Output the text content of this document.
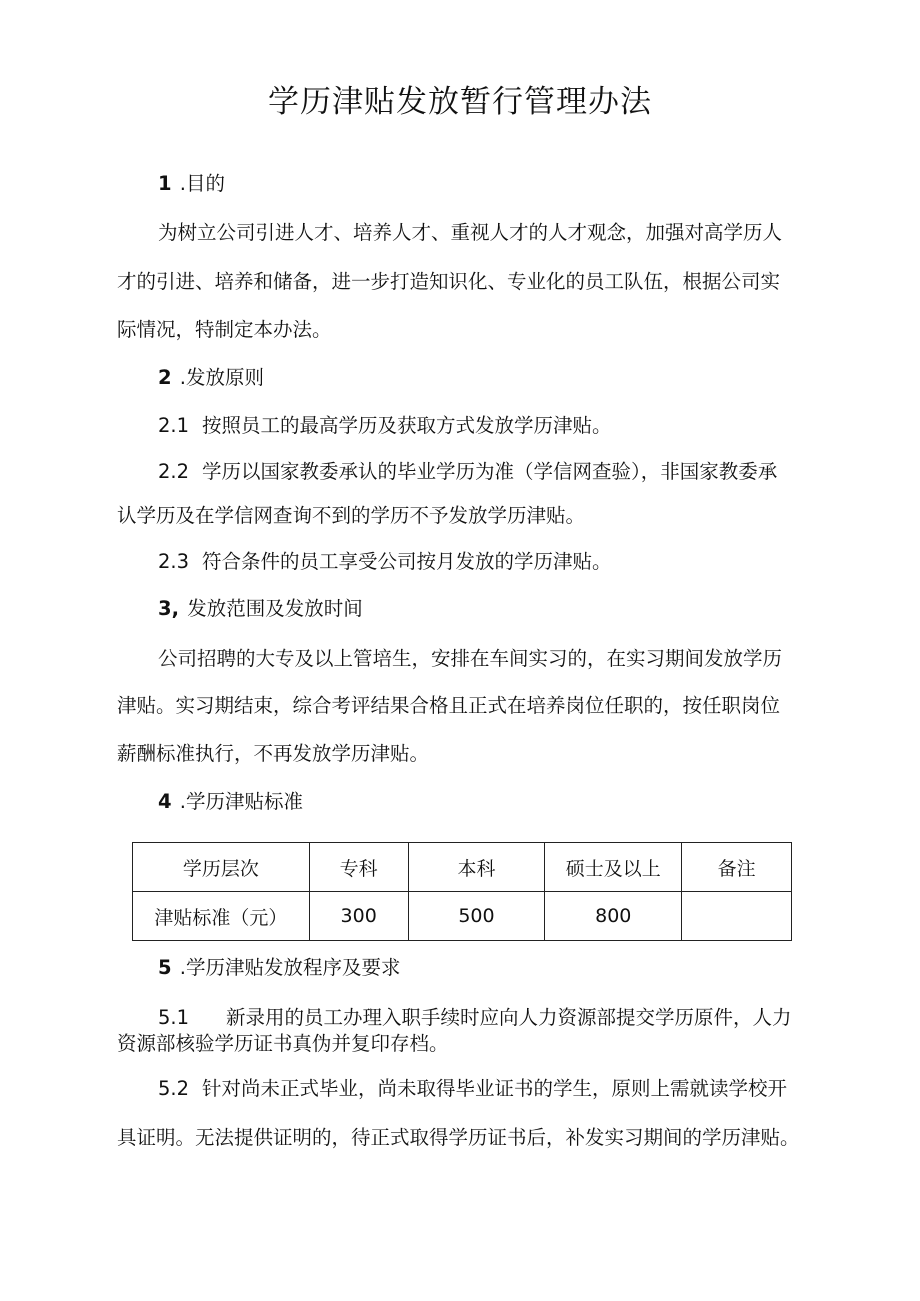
学历津贴发放暂行管理办法
1 .目的
为树立公司引进人才、培养人才、重视人才的人才观念，加强对高学历人
才的引进、培养和储备，进一步打造知识化、专业化的员工队伍，根据公司实
际情况，特制定本办法。
2 .发放原则
2.1 按照员工的最高学历及获取方式发放学历津贴。
2.2 学历以国家教委承认的毕业学历为准（学信网查验），非国家教委承
认学历及在学信网查询不到的学历不予发放学历津贴。
2.3 符合条件的员工享受公司按月发放的学历津贴。
3, 发放范围及发放时间
公司招聘的大专及以上管培生，安排在车间实习的，在实习期间发放学历
津贴。实习期结束，综合考评结果合格且正式在培养岗位任职的，按任职岗位
薪酬标准执行，不再发放学历津贴。
4 .学历津贴标准
学历层次	专科	本科	硕士及以上	备注
津贴标准（元）	300	500	800	
5 .学历津贴发放程序及要求
5.1 新录用的员工办理入职手续时应向人力资源部提交学历原件，人力
资源部核验学历证书真伪并复印存档。
5.2 针对尚未正式毕业，尚未取得毕业证书的学生，原则上需就读学校开
具证明。无法提供证明的，待正式取得学历证书后，补发实习期间的学历津贴。
